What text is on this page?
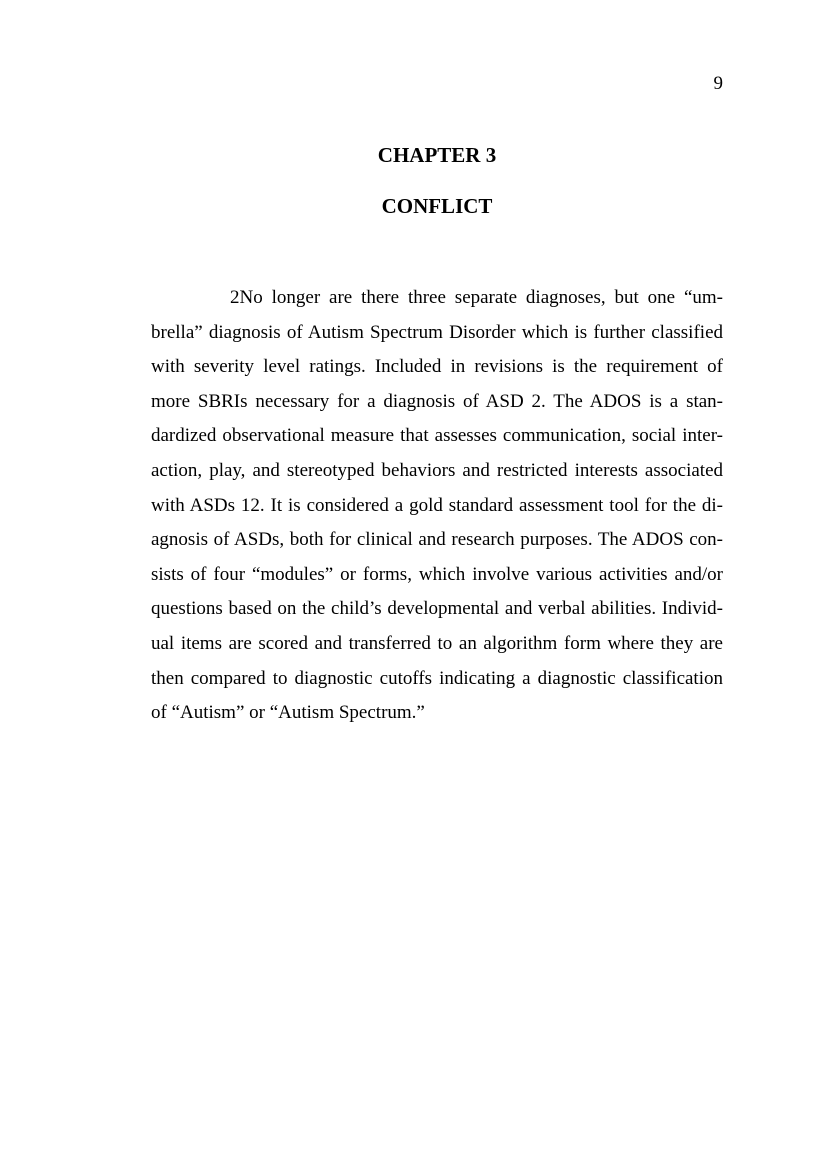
9
CHAPTER 3
CONFLICT
2No longer are there three separate diagnoses, but one “um-
brella” diagnosis of Autism Spectrum Disorder which is further classified
with severity level ratings. Included in revisions is the requirement of
more SBRIs necessary for a diagnosis of ASD 2. The ADOS is a stan-
dardized observational measure that assesses communication, social inter-
action, play, and stereotyped behaviors and restricted interests associated
with ASDs 12. It is considered a gold standard assessment tool for the di-
agnosis of ASDs, both for clinical and research purposes. The ADOS con-
sists of four “modules” or forms, which involve various activities and/or
questions based on the child’s developmental and verbal abilities. Individ-
ual items are scored and transferred to an algorithm form where they are
then compared to diagnostic cutoffs indicating a diagnostic classification
of “Autism” or “Autism Spectrum.”
